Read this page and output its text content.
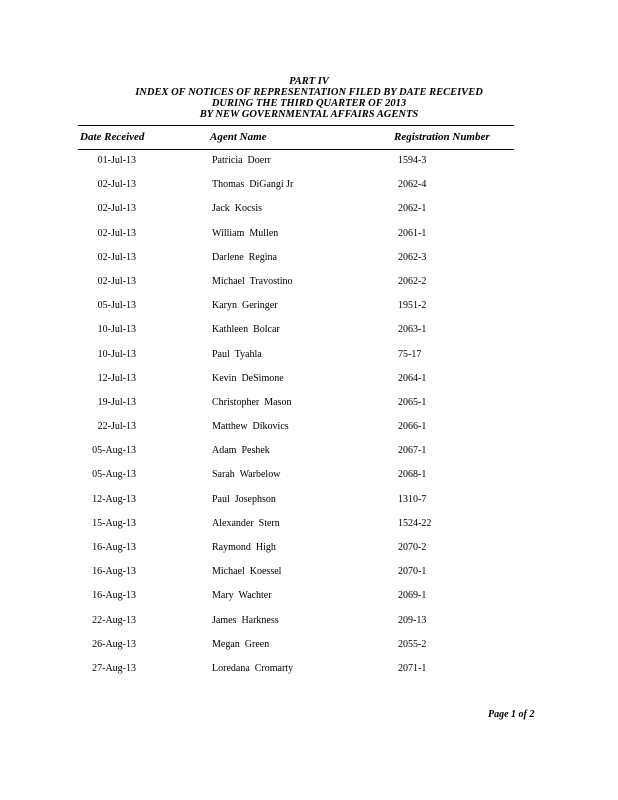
PART IV
INDEX OF NOTICES OF REPRESENTATION FILED BY DATE RECEIVED
DURING THE THIRD QUARTER OF 2013
BY NEW GOVERNMENTAL AFFAIRS AGENTS
Date Received	Agent Name	Registration Number
01-Jul-13	Patricia  Doerr	1594-3
02-Jul-13	Thomas  DiGangi Jr	2062-4
02-Jul-13	Jack  Kocsis	2062-1
02-Jul-13	William  Mullen	2061-1
02-Jul-13	Darlene  Regina	2062-3
02-Jul-13	Michael  Travostino	2062-2
05-Jul-13	Karyn  Geringer	1951-2
10-Jul-13	Kathleen  Bolcar	2063-1
10-Jul-13	Paul  Tyahla	75-17
12-Jul-13	Kevin  DeSimone	2064-1
19-Jul-13	Christopher  Mason	2065-1
22-Jul-13	Matthew  Dikovics	2066-1
05-Aug-13	Adam  Peshek	2067-1
05-Aug-13	Sarah  Warbelow	2068-1
12-Aug-13	Paul  Josephson	1310-7
15-Aug-13	Alexander  Stern	1524-22
16-Aug-13	Raymond  High	2070-2
16-Aug-13	Michael  Koessel	2070-1
16-Aug-13	Mary  Wachter	2069-1
22-Aug-13	James  Harkness	209-13
26-Aug-13	Megan  Green	2055-2
27-Aug-13	Loredana  Cromarty	2071-1
Page 1 of 2
